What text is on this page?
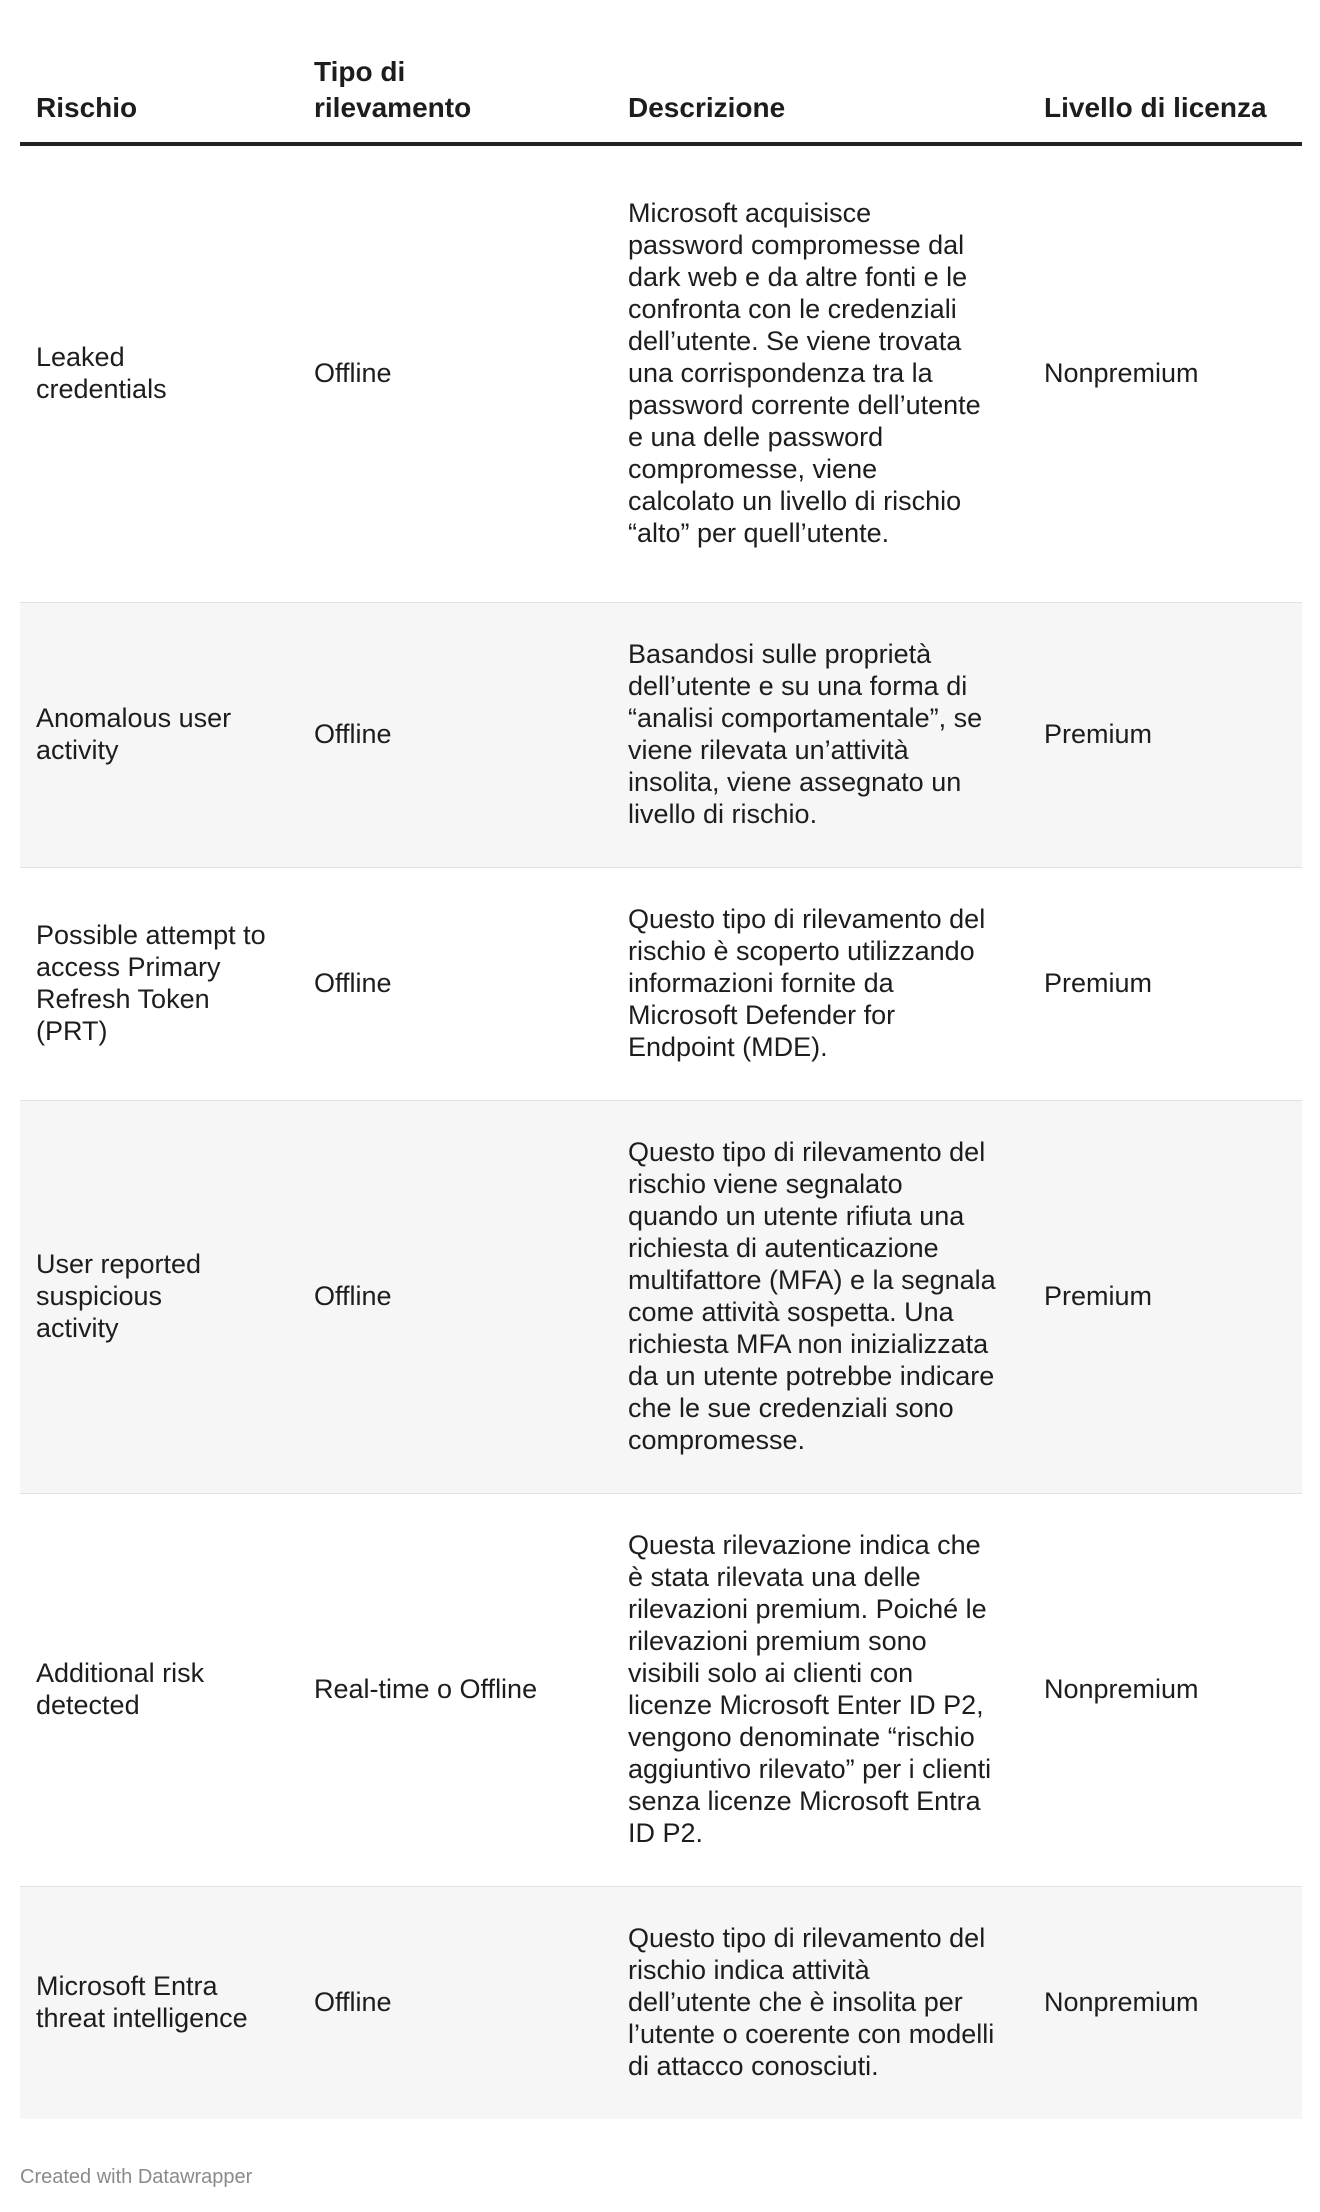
Rischio	Tipo di rilevamento	Descrizione	Livello di licenza
Leaked credentials	Offline	Microsoft acquisisce password compromesse dal dark web e da altre fonti e le confronta con le credenziali dell’utente. Se viene trovata una corrispondenza tra la password corrente dell’utente e una delle password compromesse, viene calcolato un livello di rischio “alto” per quell’utente.	Nonpremium
Anomalous user activity	Offline	Basandosi sulle proprietà dell’utente e su una forma di “analisi comportamentale”, se viene rilevata un’attività insolita, viene assegnato un livello di rischio.	Premium
Possible attempt to access Primary Refresh Token (PRT)	Offline	Questo tipo di rilevamento del rischio è scoperto utilizzando informazioni fornite da Microsoft Defender for Endpoint (MDE).	Premium
User reported suspicious activity	Offline	Questo tipo di rilevamento del rischio viene segnalato quando un utente rifiuta una richiesta di autenticazione multifattore (MFA) e la segnala come attività sospetta. Una richiesta MFA non inizializzata da un utente potrebbe indicare che le sue credenziali sono compromesse.	Premium
Additional risk detected	Real-time o Offline	Questa rilevazione indica che è stata rilevata una delle rilevazioni premium. Poiché le rilevazioni premium sono visibili solo ai clienti con licenze Microsoft Enter ID P2, vengono denominate “rischio aggiuntivo rilevato” per i clienti senza licenze Microsoft Entra ID P2.	Nonpremium
Microsoft Entra threat intelligence	Offline	Questo tipo di rilevamento del rischio indica attività dell’utente che è insolita per l’utente o coerente con modelli di attacco conosciuti.	Nonpremium
Created with Datawrapper
